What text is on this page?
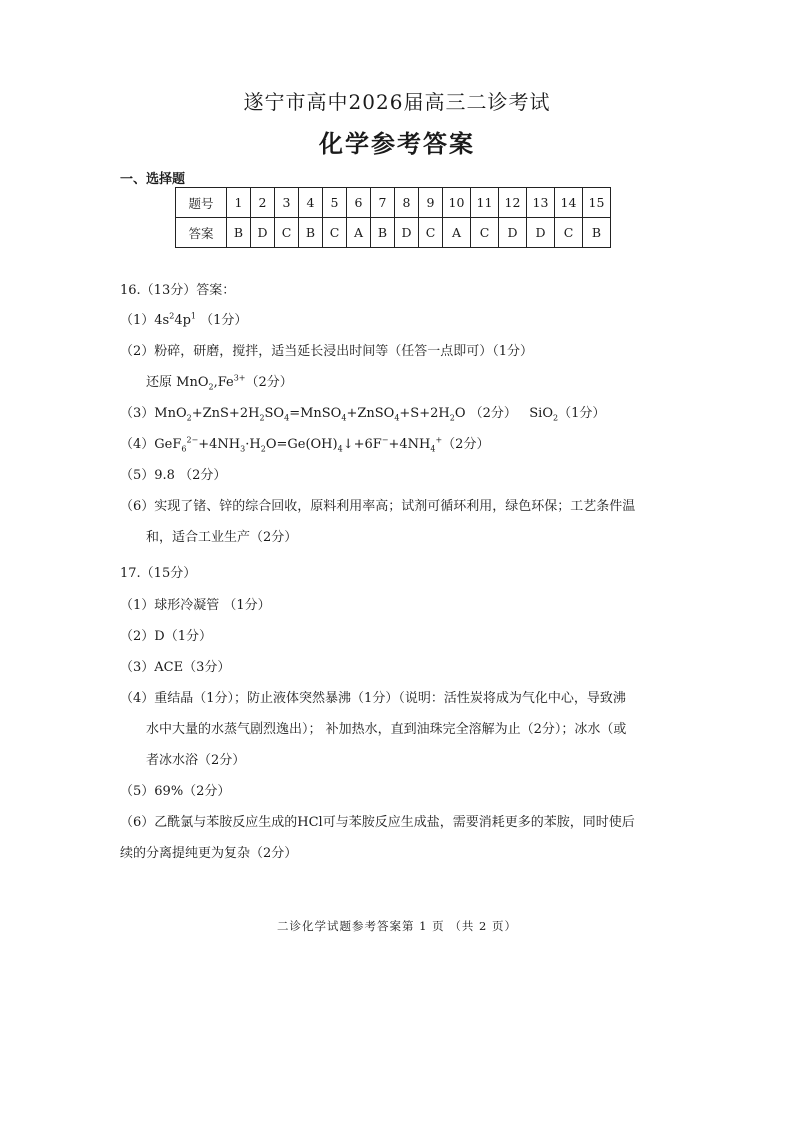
遂宁市高中2026届高三二诊考试
化学参考答案
一、选择题
题号	1	2	3	4	5	6	7	8	9	10	11	12	13	14	15
答案	B	D	C	B	C	A	B	D	C	A	C	D	D	C	B
16.（13分）答案：
$(1)4s^24p^1$ （1分）
（2）粉碎，研磨，搅拌，适当延长浸出时间等（任答一点即可）（1分）
还原 $MnO_2,Fe^{3+}(2$分）
$(3)MnO_2+ZnS+2H_2SO_4=MnSO_4+ZnSO_4+S+2H_2O$ （2分）   SiO$_2$（1分）
$(4)GeF_6^{2-}+4NH_3\cdot H_2O=Ge(OH)_4↓+6F^-+4NH_4^+(2$分）
（5）9.8 （2分）
（6）实现了锗、锌的综合回收，原料利用率高；试剂可循环利用，绿色环保；工艺条件温
和，适合工业生产（2分）
17.（15分）
（1）球形冷凝管 （1分）
（2）D（1分）
（3）ACE（3分）
（4）重结晶（1分）；防止液体突然暴沸（1分）（说明：活性炭将成为气化中心，导致沸
水中大量的水蒸气剧烈逸出）； 补加热水，直到油珠完全溶解为止（2分）；冰水（或
者冰水浴（2分）
（5）69%（2分）
（6）乙酰氯与苯胺反应生成的HCl可与苯胺反应生成盐，需要消耗更多的苯胺，同时使后
续的分离提纯更为复杂（2分）
二诊化学试题参考答案第 1 页 （共 2 页）
